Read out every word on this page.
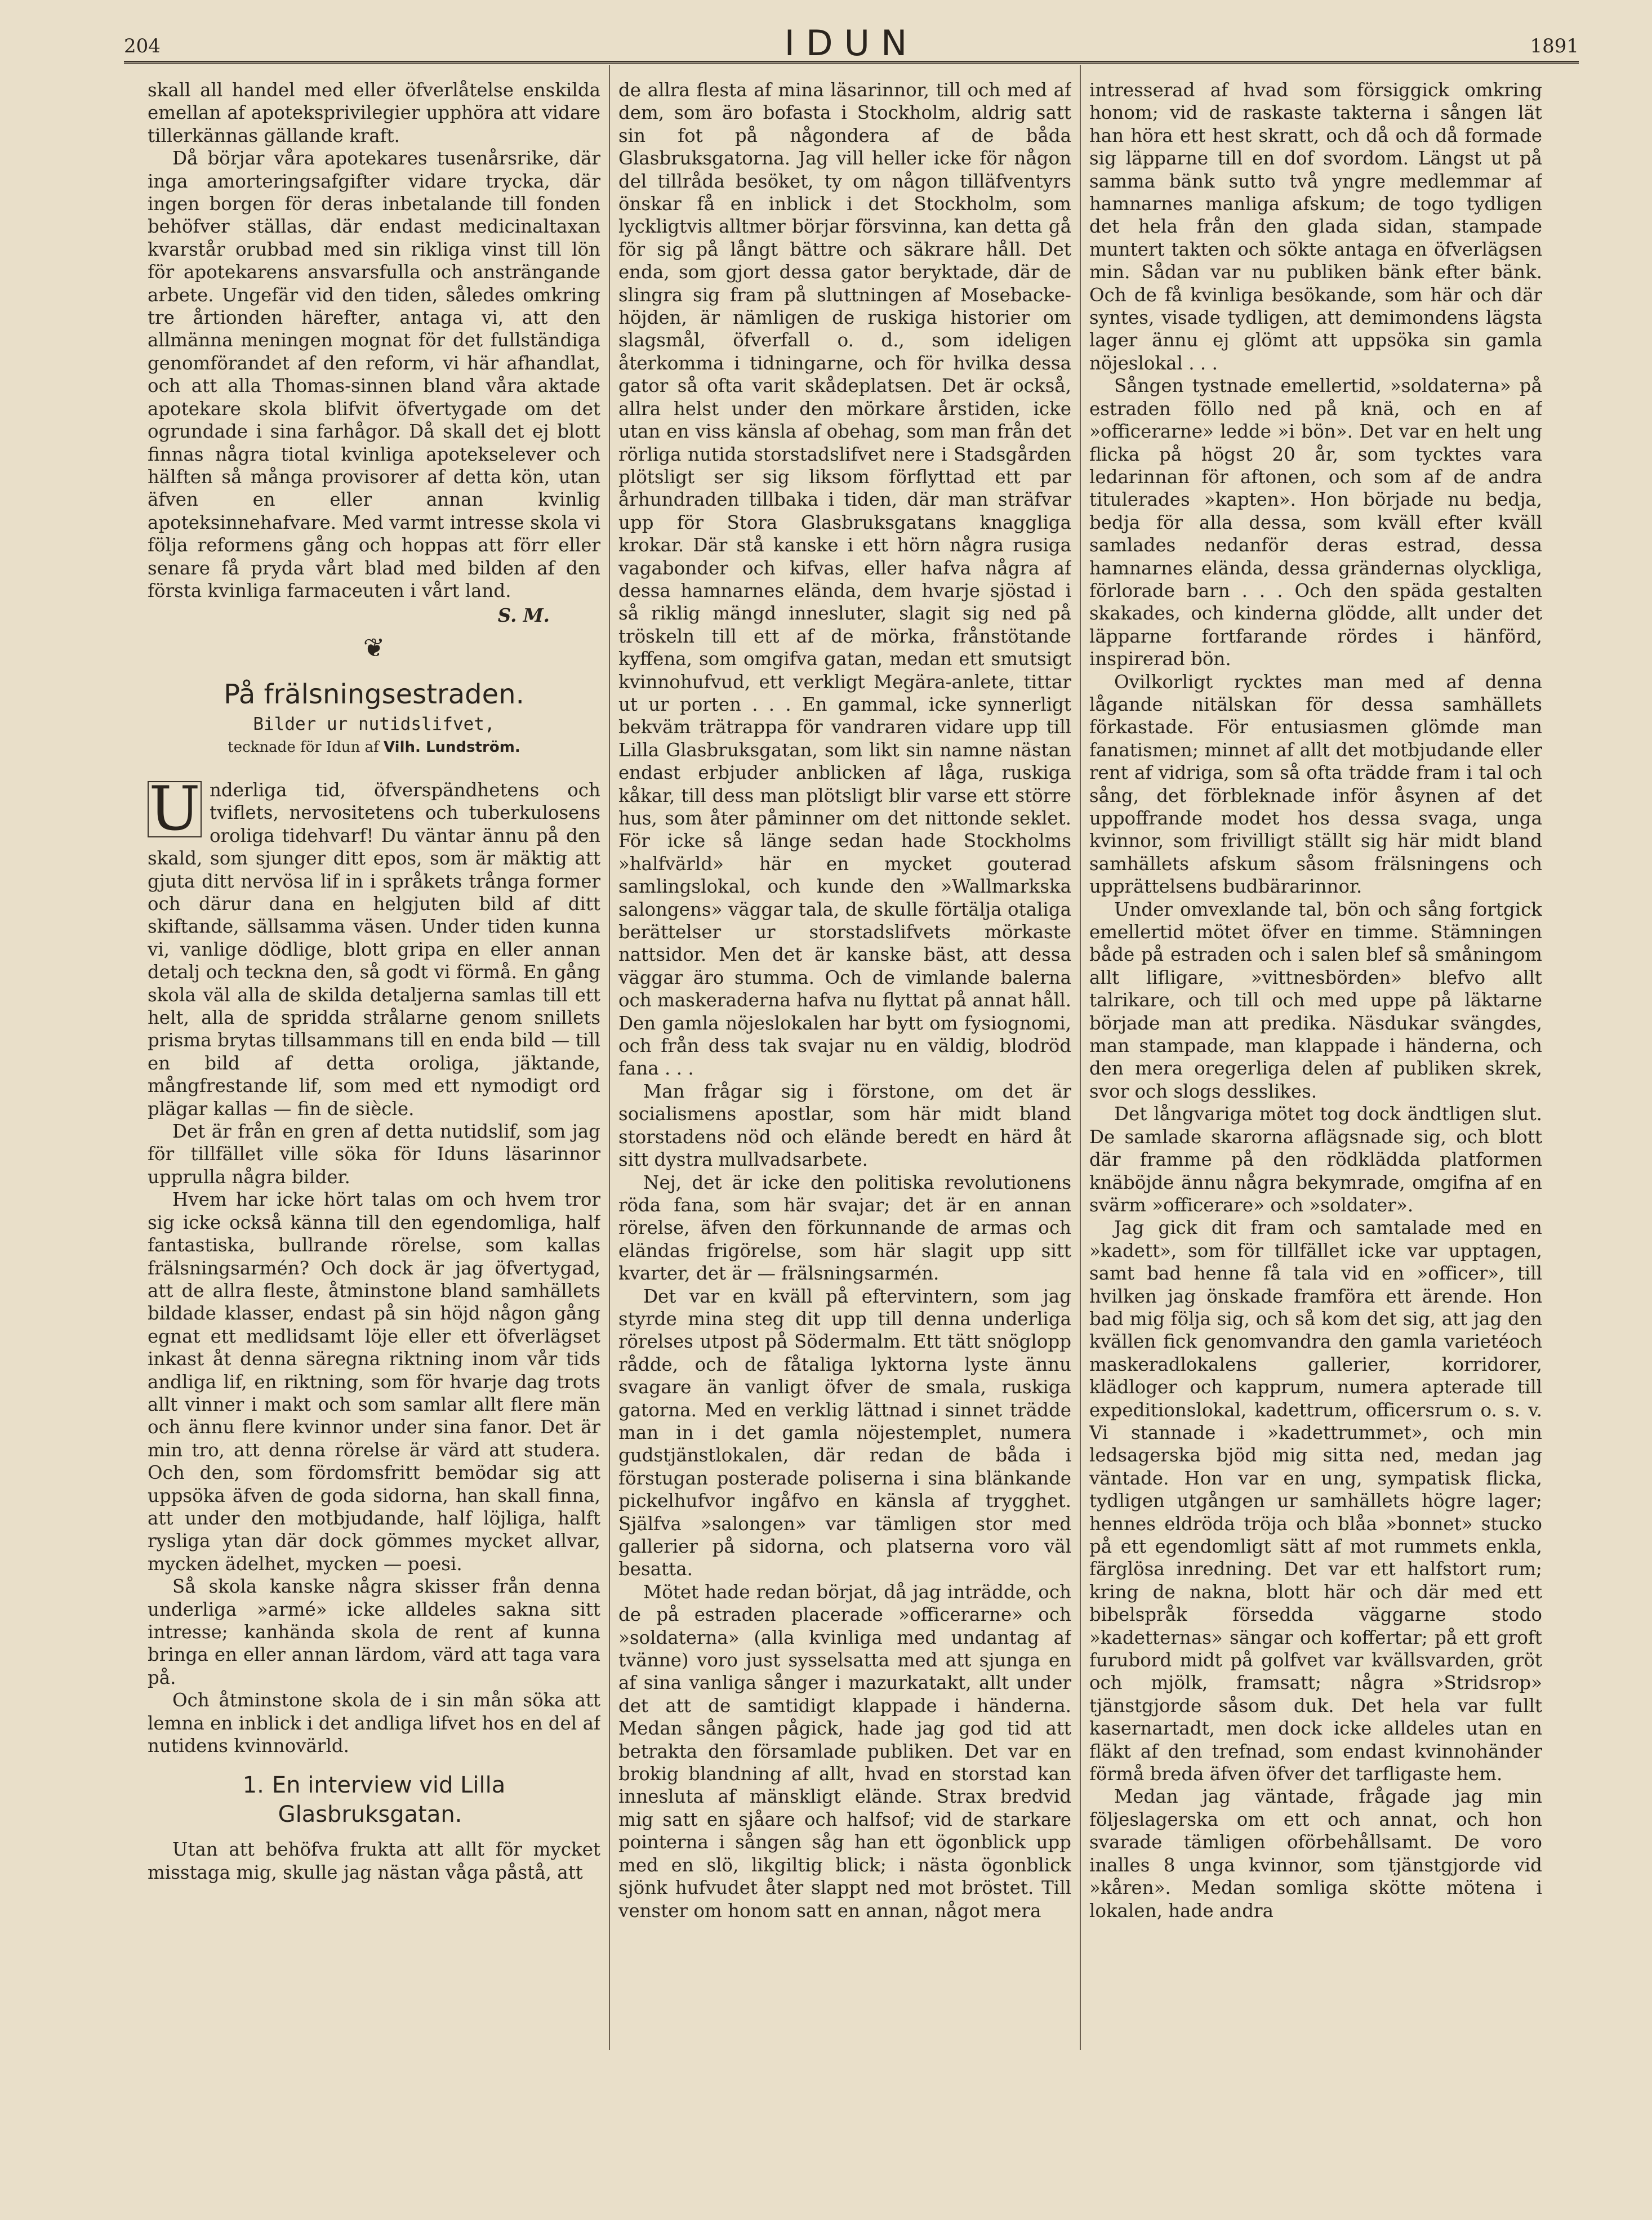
204	IDUN	1891

skall all handel med eller öfverlåtelse enskilda emellan af apoteksprivilegier upphöra att vidare tillerkännas gällande kraft.

Då börjar våra apotekares tusenårsrike, där inga amorteringsafgifter vidare trycka, där ingen borgen för deras inbetalande till fonden behöfver ställas, där endast medicinaltaxan kvarstår orubbad med sin rikliga vinst till lön för apotekarens ansvarsfulla och ansträngande arbete. Ungefär vid den tiden, således omkring tre årtionden härefter, antaga vi, att den allmänna meningen mognat för det fullständiga genomförandet af den reform, vi här afhandlat, och att alla Thomas-sinnen bland våra aktade apotekare skola blifvit öfvertygade om det ogrundade i sina farhågor. Då skall det ej blott finnas några tiotal kvinliga apotekselever och hälften så många provisorer af detta kön, utan äfven en eller annan kvinlig apoteksinnehafvare. Med varmt intresse skola vi följa reformens gång och hoppas att förr eller senare få pryda vårt blad med bilden af den första kvinliga farmaceuten i vårt land.

S. M.
❦
På frälsningsestraden.
Bilder ur nutidslifvet,
tecknade för Idun af Vilh. Lundström.
U nderliga tid, öfverspändhetens och tviflets, nervositetens och tuberkulosens oroliga tidehvarf! Du väntar ännu på den skald, som sjunger ditt epos, som är mäktig att gjuta ditt nervösa lif in i språkets trånga former och därur dana en helgjuten bild af ditt skiftande, sällsamma väsen. Under tiden kunna vi, vanlige dödlige, blott gripa en eller annan detalj och teckna den, så godt vi förmå. En gång skola väl alla de skilda detaljerna samlas till ett helt, alla de spridda strålarne genom snillets prisma brytas tillsammans till en enda bild — till en bild af detta oroliga, jäktande, mångfrestande lif, som med ett nymodigt ord plägar kallas — fin de siècle.

Det är från en gren af detta nutidslif, som jag för tillfället ville söka för Iduns läsarinnor upprulla några bilder.

Hvem har icke hört talas om och hvem tror sig icke också känna till den egendomliga, half fantastiska, bullrande rörelse, som kallas frälsningsarmén? Och dock är jag öfvertygad, att de allra fleste, åtminstone bland samhällets bildade klasser, endast på sin höjd någon gång egnat ett medlidsamt löje eller ett öfverlägset inkast åt denna säregna riktning inom vår tids andliga lif, en riktning, som för hvarje dag trots allt vinner i makt och som samlar allt flere män och ännu flere kvinnor under sina fanor. Det är min tro, att denna rörelse är värd att studera. Och den, som fördomsfritt bemödar sig att uppsöka äfven de goda sidorna, han skall finna, att under den motbjudande, half löjliga, halft rysliga ytan där dock gömmes mycket allvar, mycken ädelhet, mycken — poesi.

Så skola kanske några skisser från denna underliga »armé» icke alldeles sakna sitt intresse; kanhända skola de rent af kunna bringa en eller annan lärdom, värd att taga vara på.

Och åtminstone skola de i sin mån söka att lemna en inblick i det andliga lifvet hos en del af nutidens kvinnovärld.

1. En interview vid Lilla Glasbruksgatan.

Utan att behöfva frukta att allt för mycket misstaga mig, skulle jag nästan våga påstå, att

de allra flesta af mina läsarinnor, till och med af dem, som äro bofasta i Stockholm, aldrig satt sin fot på någondera af de båda Glasbruksgatorna. Jag vill heller icke för någon del tillråda besöket, ty om någon tilläfventyrs önskar få en inblick i det Stockholm, som lyckligtvis alltmer börjar försvinna, kan detta gå för sig på långt bättre och säkrare håll. Det enda, som gjort dessa gator beryktade, där de slingra sig fram på sluttningen af Mosebacke-höjden, är nämligen de ruskiga historier om slagsmål, öfverfall o. d., som ideligen återkomma i tidningarne, och för hvilka dessa gator så ofta varit skådeplatsen. Det är också, allra helst under den mörkare årstiden, icke utan en viss känsla af obehag, som man från det rörliga nutida storstadslifvet nere i Stadsgården plötsligt ser sig liksom förflyttad ett par århundraden tillbaka i tiden, där man sträfvar upp för Stora Glasbruksgatans knaggliga krokar. Där stå kanske i ett hörn några rusiga vagabonder och kifvas, eller hafva några af dessa hamnarnes elända, dem hvarje sjöstad i så riklig mängd innesluter, slagit sig ned på tröskeln till ett af de mörka, frånstötande kyffena, som omgifva gatan, medan ett smutsigt kvinnohufvud, ett verkligt Megära-anlete, tittar ut ur porten . . . En gammal, icke synnerligt bekväm trätrappa för vandraren vidare upp till Lilla Glasbruksgatan, som likt sin namne nästan endast erbjuder anblicken af låga, ruskiga kåkar, till dess man plötsligt blir varse ett större hus, som åter påminner om det nittonde seklet. För icke så länge sedan hade Stockholms »halfvärld» här en mycket gouterad samlingslokal, och kunde den »Wallmarkska salongens» väggar tala, de skulle förtälja otaliga berättelser ur storstadslifvets mörkaste nattsidor. Men det är kanske bäst, att dessa väggar äro stumma. Och de vimlande balerna och maskeraderna hafva nu flyttat på annat håll. Den gamla nöjeslokalen har bytt om fysiognomi, och från dess tak svajar nu en väldig, blodröd fana . . .

Man frågar sig i förstone, om det är socialismens apostlar, som här midt bland storstadens nöd och elände beredt en härd åt sitt dystra mullvadsarbete.

Nej, det är icke den politiska revolutionens röda fana, som här svajar; det är en annan rörelse, äfven den förkunnande de armas och eländas frigörelse, som här slagit upp sitt kvarter, det är — frälsningsarmén.

Det var en kväll på eftervintern, som jag styrde mina steg dit upp till denna underliga rörelses utpost på Södermalm. Ett tätt snöglopp rådde, och de fåtaliga lyktorna lyste ännu svagare än vanligt öfver de smala, ruskiga gatorna. Med en verklig lättnad i sinnet trädde man in i det gamla nöjestemplet, numera gudstjänstlokalen, där redan de båda i förstugan posterade poliserna i sina blänkande pickelhufvor ingåfvo en känsla af trygghet. Själfva »salongen» var tämligen stor med gallerier på sidorna, och platserna voro väl besatta.

Mötet hade redan börjat, då jag inträdde, och de på estraden placerade »officerarne» och »soldaterna» (alla kvinliga med undantag af tvänne) voro just sysselsatta med att sjunga en af sina vanliga sånger i mazurkatakt, allt under det att de samtidigt klappade i händerna. Medan sången pågick, hade jag god tid att betrakta den församlade publiken. Det var en brokig blandning af allt, hvad en storstad kan innesluta af mänskligt elände. Strax bredvid mig satt en sjåare och halfsof; vid de starkare pointerna i sången såg han ett ögonblick upp med en slö, likgiltig blick; i nästa ögonblick sjönk hufvudet åter slappt ned mot bröstet. Till venster om honom satt en annan, något mera

intresserad af hvad som försiggick omkring honom; vid de raskaste takterna i sången lät han höra ett hest skratt, och då och då formade sig läpparne till en dof svordom. Längst ut på samma bänk sutto två yngre medlemmar af hamnarnes manliga afskum; de togo tydligen det hela från den glada sidan, stampade muntert takten och sökte antaga en öfverlägsen min. Sådan var nu publiken bänk efter bänk. Och de få kvinliga besökande, som här och där syntes, visade tydligen, att demimondens lägsta lager ännu ej glömt att uppsöka sin gamla nöjeslokal . . .

Sången tystnade emellertid, »soldaterna» på estraden föllo ned på knä, och en af »officerarne» ledde »i bön». Det var en helt ung flicka på högst 20 år, som tycktes vara ledarinnan för aftonen, och som af de andra titulerades »kapten». Hon började nu bedja, bedja för alla dessa, som kväll efter kväll samlades nedanför deras estrad, dessa hamnarnes elända, dessa grändernas olyckliga, förlorade barn . . . Och den späda gestalten skakades, och kinderna glödde, allt under det läpparne fortfarande rördes i hänförd, inspirerad bön.

Ovilkorligt rycktes man med af denna lågande nitälskan för dessa samhällets förkastade. För entusiasmen glömde man fanatismen; minnet af allt det motbjudande eller rent af vidriga, som så ofta trädde fram i tal och sång, det förbleknade inför åsynen af det uppoffrande modet hos dessa svaga, unga kvinnor, som frivilligt ställt sig här midt bland samhällets afskum såsom frälsningens och upprättelsens budbärarinnor.

Under omvexlande tal, bön och sång fortgick emellertid mötet öfver en timme. Stämningen både på estraden och i salen blef så småningom allt lifligare, »vittnesbörden» blefvo allt talrikare, och till och med uppe på läktarne började man att predika. Näsdukar svängdes, man stampade, man klappade i händerna, och den mera oregerliga delen af publiken skrek, svor och slogs desslikes.

Det långvariga mötet tog dock ändtligen slut. De samlade skarorna aflägsnade sig, och blott där framme på den rödklädda platformen knäböjde ännu några bekymrade, omgifna af en svärm »officerare» och »soldater».

Jag gick dit fram och samtalade med en »kadett», som för tillfället icke var upptagen, samt bad henne få tala vid en »officer», till hvilken jag önskade framföra ett ärende. Hon bad mig följa sig, och så kom det sig, att jag den kvällen fick genomvandra den gamla varietéoch maskeradlokalens gallerier, korridorer, klädloger och kapprum, numera apterade till expeditionslokal, kadettrum, officersrum o. s. v. Vi stannade i »kadettrummet», och min ledsagerska bjöd mig sitta ned, medan jag väntade. Hon var en ung, sympatisk flicka, tydligen utgången ur samhällets högre lager; hennes eldröda tröja och blåa »bonnet» stucko på ett egendomligt sätt af mot rummets enkla, färglösa inredning. Det var ett halfstort rum; kring de nakna, blott här och där med ett bibelspråk försedda väggarne stodo »kadetternas» sängar och koffertar; på ett groft furubord midt på golfvet var kvällsvarden, gröt och mjölk, framsatt; några »Stridsrop» tjänstgjorde såsom duk. Det hela var fullt kasernartadt, men dock icke alldeles utan en fläkt af den trefnad, som endast kvinnohänder förmå breda äfven öfver det tarfligaste hem.

Medan jag väntade, frågade jag min följeslagerska om ett och annat, och hon svarade tämligen oförbehållsamt. De voro inalles 8 unga kvinnor, som tjänstgjorde vid »kåren». Medan somliga skötte mötena i lokalen, hade andra
